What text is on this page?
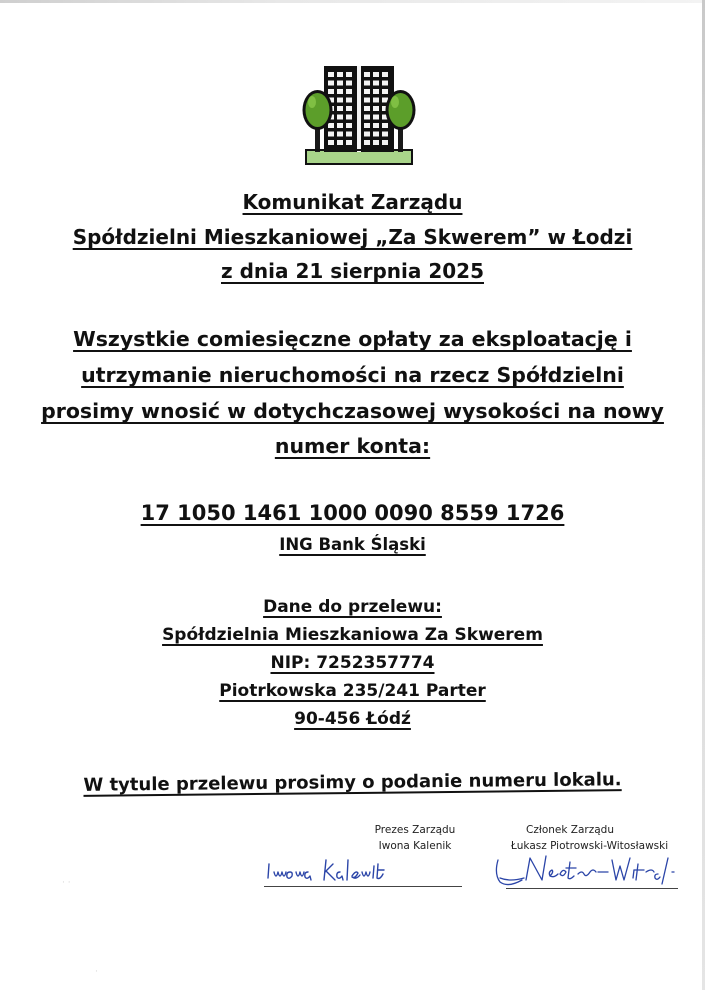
Komunikat Zarządu
Spółdzielni Mieszkaniowej „Za Skwerem” w Łodzi
z dnia 21 sierpnia 2025
Wszystkie comiesięczne opłaty za eksploatację i
utrzymanie nieruchomości na rzecz Spółdzielni
prosimy wnosić w dotychczasowej wysokości na nowy
numer konta:
17 1050 1461 1000 0090 8559 1726
ING Bank Śląski
Dane do przelewu:
Spółdzielnia Mieszkaniowa Za Skwerem
NIP: 7252357774
Piotrkowska 235/241 Parter
90-456 Łódź
W tytule przelewu prosimy o podanie numeru lokalu.
Prezes Zarządu
Iwona Kalenik
Członek Zarządu
Łukasz Piotrowski-Witosławski
· ·
·
